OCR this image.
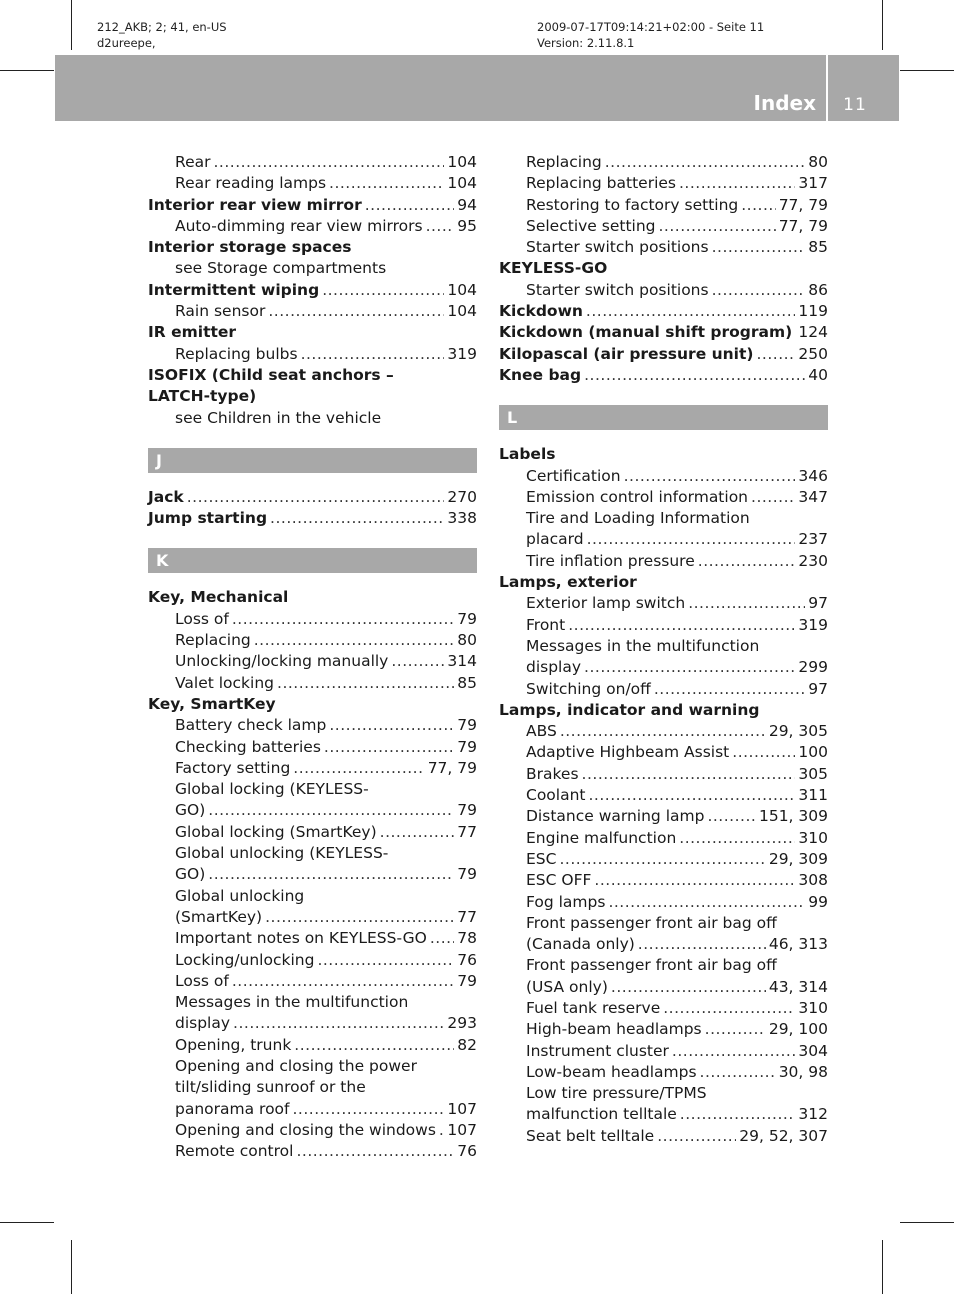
212_AKB; 2; 41, en-US
d2ureepe,
2009-07-17T09:14:21+02:00 - Seite 11
Version: 2.11.8.1
Index	11
Rear .....	104
Rear reading lamps .....	104
Interior rear view mirror .....	94
Auto-dimming rear view mirrors ..... 95
Interior storage spaces
see Storage compartments
Intermittent wiping .....	104
Rain sensor .....	104
IR emitter
Replacing bulbs .....	319
ISOFIX (Child seat anchors –
LATCH-type)
see Children in the vehicle
J
Jack .....	270
Jump starting .....	338
K
Key, Mechanical
Loss of .....	79
Replacing .....	80
Unlocking/locking manually .....	314
Valet locking .....	85
Key, SmartKey
Battery check lamp .....	79
Checking batteries .....	79
Factory setting .....	77, 79
Global locking (KEYLESS-
GO) .....	79
Global locking (SmartKey) .....	77
Global unlocking (KEYLESS-
GO) .....	79
Global unlocking
(SmartKey) .....	77
Important notes on KEYLESS-GO ..... 78
Locking/unlocking .....	76
Loss of .....	79
Messages in the multifunction
display .....	293
Opening, trunk .....	82
Opening and closing the power
tilt/sliding sunroof or the
panorama roof .....	107
Opening and closing the windows ..... 107
Remote control .....	76
Replacing .....	80
Replacing batteries .....	317
Restoring to factory setting .....	77, 79
Selective setting .....	77, 79
Starter switch positions .....	85
KEYLESS-GO
Starter switch positions .....	86
Kickdown .....	119
Kickdown (manual shift program) ..... 124
Kilopascal (air pressure unit) .....	250
Knee bag .....	40
L
Labels
Certification .....	346
Emission control information .....	347
Tire and Loading Information
placard .....	237
Tire inflation pressure .....	230
Lamps, exterior
Exterior lamp switch .....	97
Front .....	319
Messages in the multifunction
display .....	299
Switching on/off .....	97
Lamps, indicator and warning
ABS .....	29, 305
Adaptive Highbeam Assist .....	100
Brakes .....	305
Coolant .....	311
Distance warning lamp .....	151, 309
Engine malfunction .....	310
ESC .....	29, 309
ESC OFF .....	308
Fog lamps .....	99
Front passenger front air bag off
(Canada only) .....	46, 313
Front passenger front air bag off
(USA only) .....	43, 314
Fuel tank reserve .....	310
High-beam headlamps .....	29, 100
Instrument cluster .....	304
Low-beam headlamps .....	30, 98
Low tire pressure/TPMS
malfunction telltale .....	312
Seat belt telltale .....	29, 52, 307
